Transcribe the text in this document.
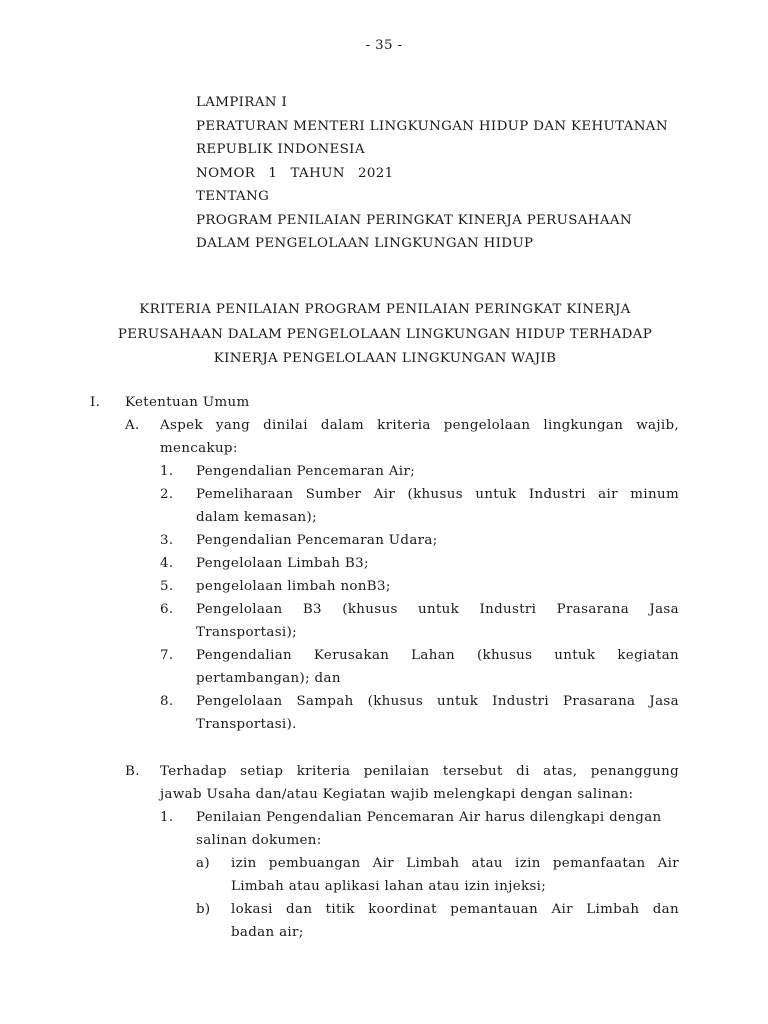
- 35 -
LAMPIRAN I
PERATURAN MENTERI LINGKUNGAN HIDUP DAN KEHUTANAN
REPUBLIK INDONESIA
NOMOR  1  TAHUN  2021
TENTANG
PROGRAM PENILAIAN PERINGKAT KINERJA PERUSAHAAN
DALAM PENGELOLAAN LINGKUNGAN HIDUP
KRITERIA PENILAIAN PROGRAM PENILAIAN PERINGKAT KINERJA
PERUSAHAAN DALAM PENGELOLAAN LINGKUNGAN HIDUP TERHADAP
KINERJA PENGELOLAAN LINGKUNGAN WAJIB
I. Ketentuan Umum
A. Aspek yang dinilai dalam kriteria pengelolaan lingkungan wajib,
mencakup:
1. Pengendalian Pencemaran Air;
2. Pemeliharaan Sumber Air (khusus untuk Industri air minum
dalam kemasan);
3. Pengendalian Pencemaran Udara;
4. Pengelolaan Limbah B3;
5. pengelolaan limbah nonB3;
6. Pengelolaan B3 (khusus untuk Industri Prasarana Jasa
Transportasi);
7. Pengendalian Kerusakan Lahan (khusus untuk kegiatan
pertambangan); dan
8. Pengelolaan Sampah (khusus untuk Industri Prasarana Jasa
Transportasi).
B. Terhadap setiap kriteria penilaian tersebut di atas, penanggung
jawab Usaha dan/atau Kegiatan wajib melengkapi dengan salinan:
1. Penilaian Pengendalian Pencemaran Air harus dilengkapi dengan
salinan dokumen:
a) izin pembuangan Air Limbah atau izin pemanfaatan Air
Limbah atau aplikasi lahan atau izin injeksi;
b) lokasi dan titik koordinat pemantauan Air Limbah dan
badan air;
